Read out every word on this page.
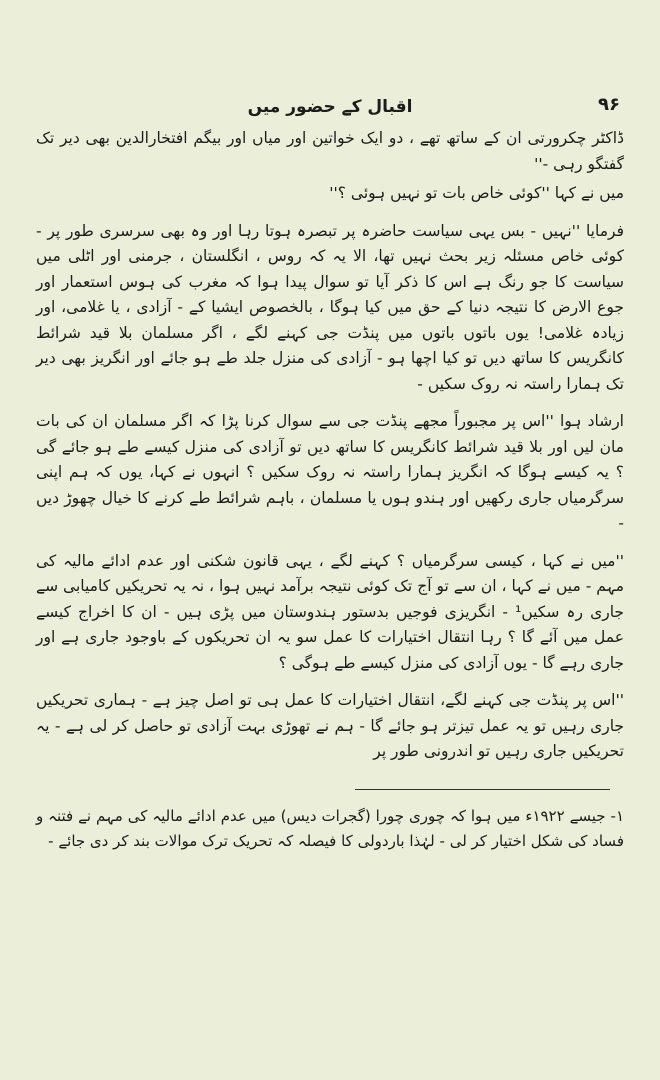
۹۶
اقبال کے حضور میں

ڈاکٹر چکرورتی ان کے ساتھ تھے ، دو ایک خواتین اور میاں اور بیگم افتخارالدین بھی دیر تک گفتگو رہی -''

میں نے کہا ''کوئی خاص بات تو نہیں ہوئی ؟''

فرمایا ''نہیں - بس یہی سیاست حاضرہ پر تبصرہ ہوتا رہا اور وہ بھی سرسری طور پر - کوئی خاص مسئلہ زیر بحث نہیں تھا، الا یہ کہ روس ، انگلستان ، جرمنی اور اٹلی میں سیاست کا جو رنگ ہے اس کا ذکر آیا تو سوال پیدا ہوا کہ مغرب کی ہوس استعمار اور جوع الارض کا نتیجہ دنیا کے حق میں کیا ہوگا ، بالخصوص ایشیا کے - آزادی ، یا غلامی، اور زیادہ غلامی! یوں باتوں باتوں میں پنڈت جی کہنے لگے ، اگر مسلمان بلا قید شرائط کانگریس کا ساتھ دیں تو کیا اچھا ہو - آزادی کی منزل جلد طے ہو جائے اور انگریز بھی دیر تک ہمارا راستہ نہ روک سکیں -

ارشاد ہوا ''اس پر مجبوراً مجھے پنڈت جی سے سوال کرنا پڑا کہ اگر مسلمان ان کی بات مان لیں اور بلا قید شرائط کانگریس کا ساتھ دیں تو آزادی کی منزل کیسے طے ہو جائے گی ؟ یہ کیسے ہوگا کہ انگریز ہمارا راستہ نہ روک سکیں ؟ انہوں نے کہا، یوں کہ ہم اپنی سرگرمیاں جاری رکھیں اور ہندو ہوں یا مسلمان ، باہم شرائط طے کرنے کا خیال چھوڑ دیں -

''میں نے کہا ، کیسی سرگرمیاں ؟ کہنے لگے ، یہی قانون شکنی اور عدم ادائے مالیہ کی مہم - میں نے کہا ، ان سے تو آج تک کوئی نتیجہ برآمد نہیں ہوا ، نہ یہ تحریکیں کامیابی سے جاری رہ سکیں¹ - انگریزی فوجیں بدستور ہندوستان میں پڑی ہیں - ان کا اخراج کیسے عمل میں آئے گا ؟ رہا انتقال اختیارات کا عمل سو یہ ان تحریکوں کے باوجود جاری ہے اور جاری رہے گا - یوں آزادی کی منزل کیسے طے ہوگی ؟

''اس پر پنڈت جی کہنے لگے، انتقال اختیارات کا عمل ہی تو اصل چیز ہے - ہماری تحریکیں جاری رہیں تو یہ عمل تیزتر ہو جائے گا - ہم نے تھوڑی بہت آزادی تو حاصل کر لی ہے - یہ تحریکیں جاری رہیں تو اندرونی طور پر

۱- جیسے ۱۹۲۲ء میں ہوا کہ چوری چورا (گجرات دیس) میں عدم ادائے مالیہ کی مہم نے فتنہ و فساد کی شکل اختیار کر لی - لہٰذا باردولی کا فیصلہ کہ تحریک ترک موالات بند کر دی جائے -
